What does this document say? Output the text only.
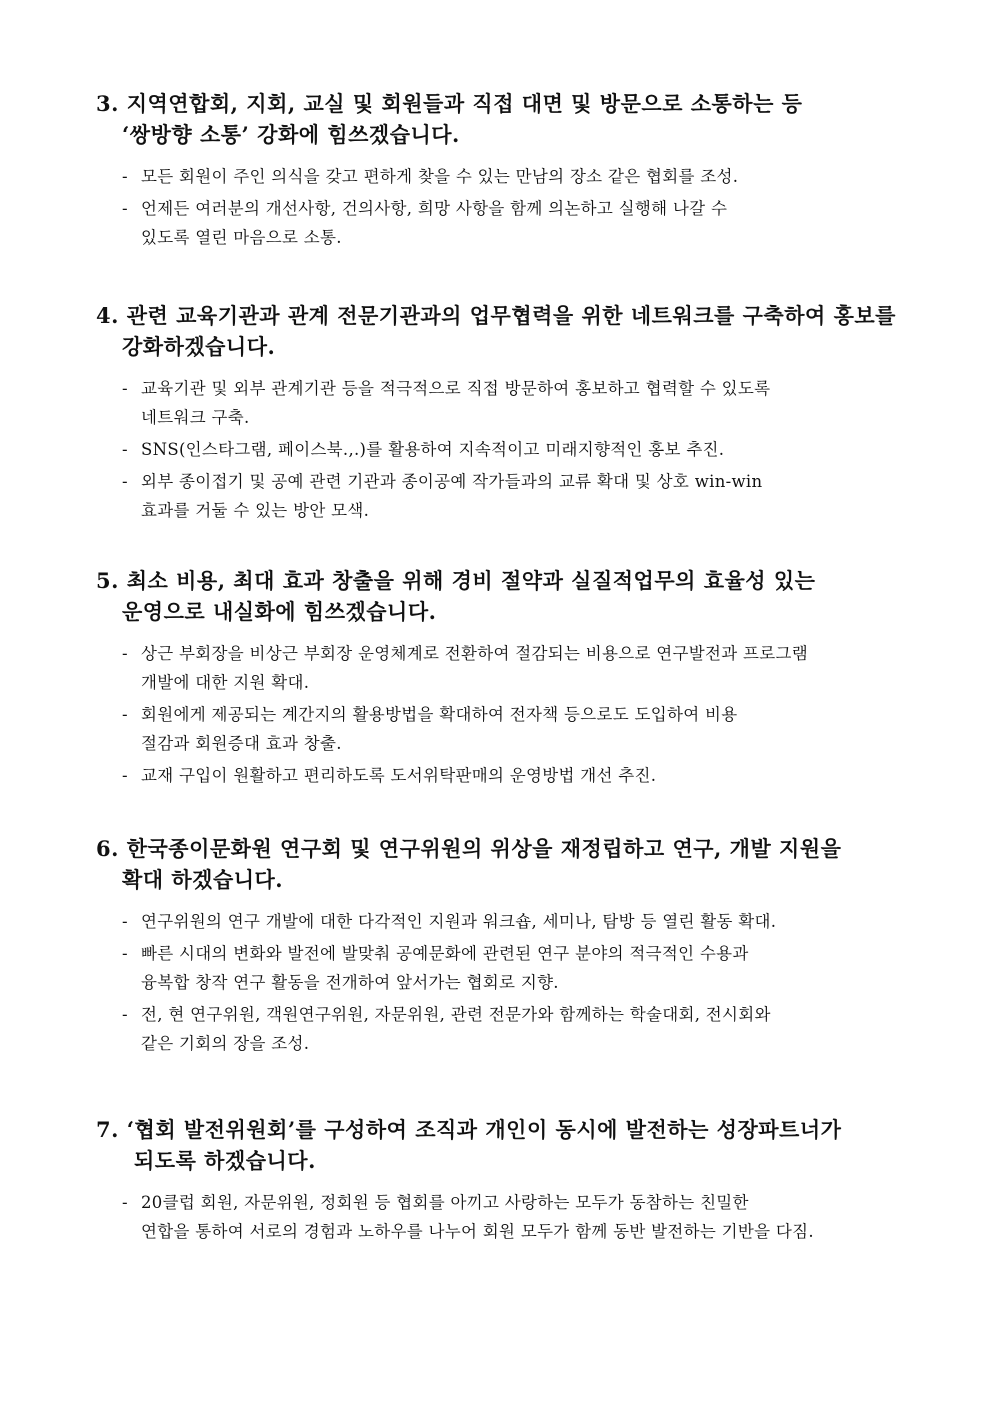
3. 지역연합회, 지회, 교실 및 회원들과 직접 대면 및 방문으로 소통하는 등
‘쌍방향 소통’ 강화에 힘쓰겠습니다.
- 모든 회원이 주인 의식을 갖고 편하게 찾을 수 있는 만남의 장소 같은 협회를 조성.
- 언제든 여러분의 개선사항, 건의사항, 희망 사항을 함께 의논하고 실행해 나갈 수
있도록 열린 마음으로 소통.
4. 관련 교육기관과 관계 전문기관과의 업무협력을 위한 네트워크를 구축하여 홍보를
강화하겠습니다.
- 교육기관 및 외부 관계기관 등을 적극적으로 직접 방문하여 홍보하고 협력할 수 있도록
네트워크 구축.
- SNS(인스타그램, 페이스북.,.)를 활용하여 지속적이고 미래지향적인 홍보 추진.
- 외부 종이접기 및 공예 관련 기관과 종이공예 작가들과의 교류 확대 및 상호 win-win
효과를 거둘 수 있는 방안 모색.
5. 최소 비용, 최대 효과 창출을 위해 경비 절약과 실질적업무의 효율성 있는
운영으로 내실화에 힘쓰겠습니다.
- 상근 부회장을 비상근 부회장 운영체계로 전환하여 절감되는 비용으로 연구발전과 프로그램
개발에 대한 지원 확대.
- 회원에게 제공되는 계간지의 활용방법을 확대하여 전자책 등으로도 도입하여 비용
절감과 회원증대 효과 창출.
- 교재 구입이 원활하고 편리하도록 도서위탁판매의 운영방법 개선 추진.
6. 한국종이문화원 연구회 및 연구위원의 위상을 재정립하고 연구, 개발 지원을
확대 하겠습니다.
- 연구위원의 연구 개발에 대한 다각적인 지원과 워크숍, 세미나, 탐방 등 열린 활동 확대.
- 빠른 시대의 변화와 발전에 발맞춰 공예문화에 관련된 연구 분야의 적극적인 수용과
융복합 창작 연구 활동을 전개하여 앞서가는 협회로 지향.
- 전, 현 연구위원, 객원연구위원, 자문위원, 관련 전문가와 함께하는 학술대회, 전시회와
같은 기회의 장을 조성.
7. ‘협회 발전위원회’를 구성하여 조직과 개인이 동시에 발전하는 성장파트너가
되도록 하겠습니다.
- 20클럽 회원, 자문위원, 정회원 등 협회를 아끼고 사랑하는 모두가 동참하는 친밀한
연합을 통하여 서로의 경험과 노하우를 나누어 회원 모두가 함께 동반 발전하는 기반을 다짐.
